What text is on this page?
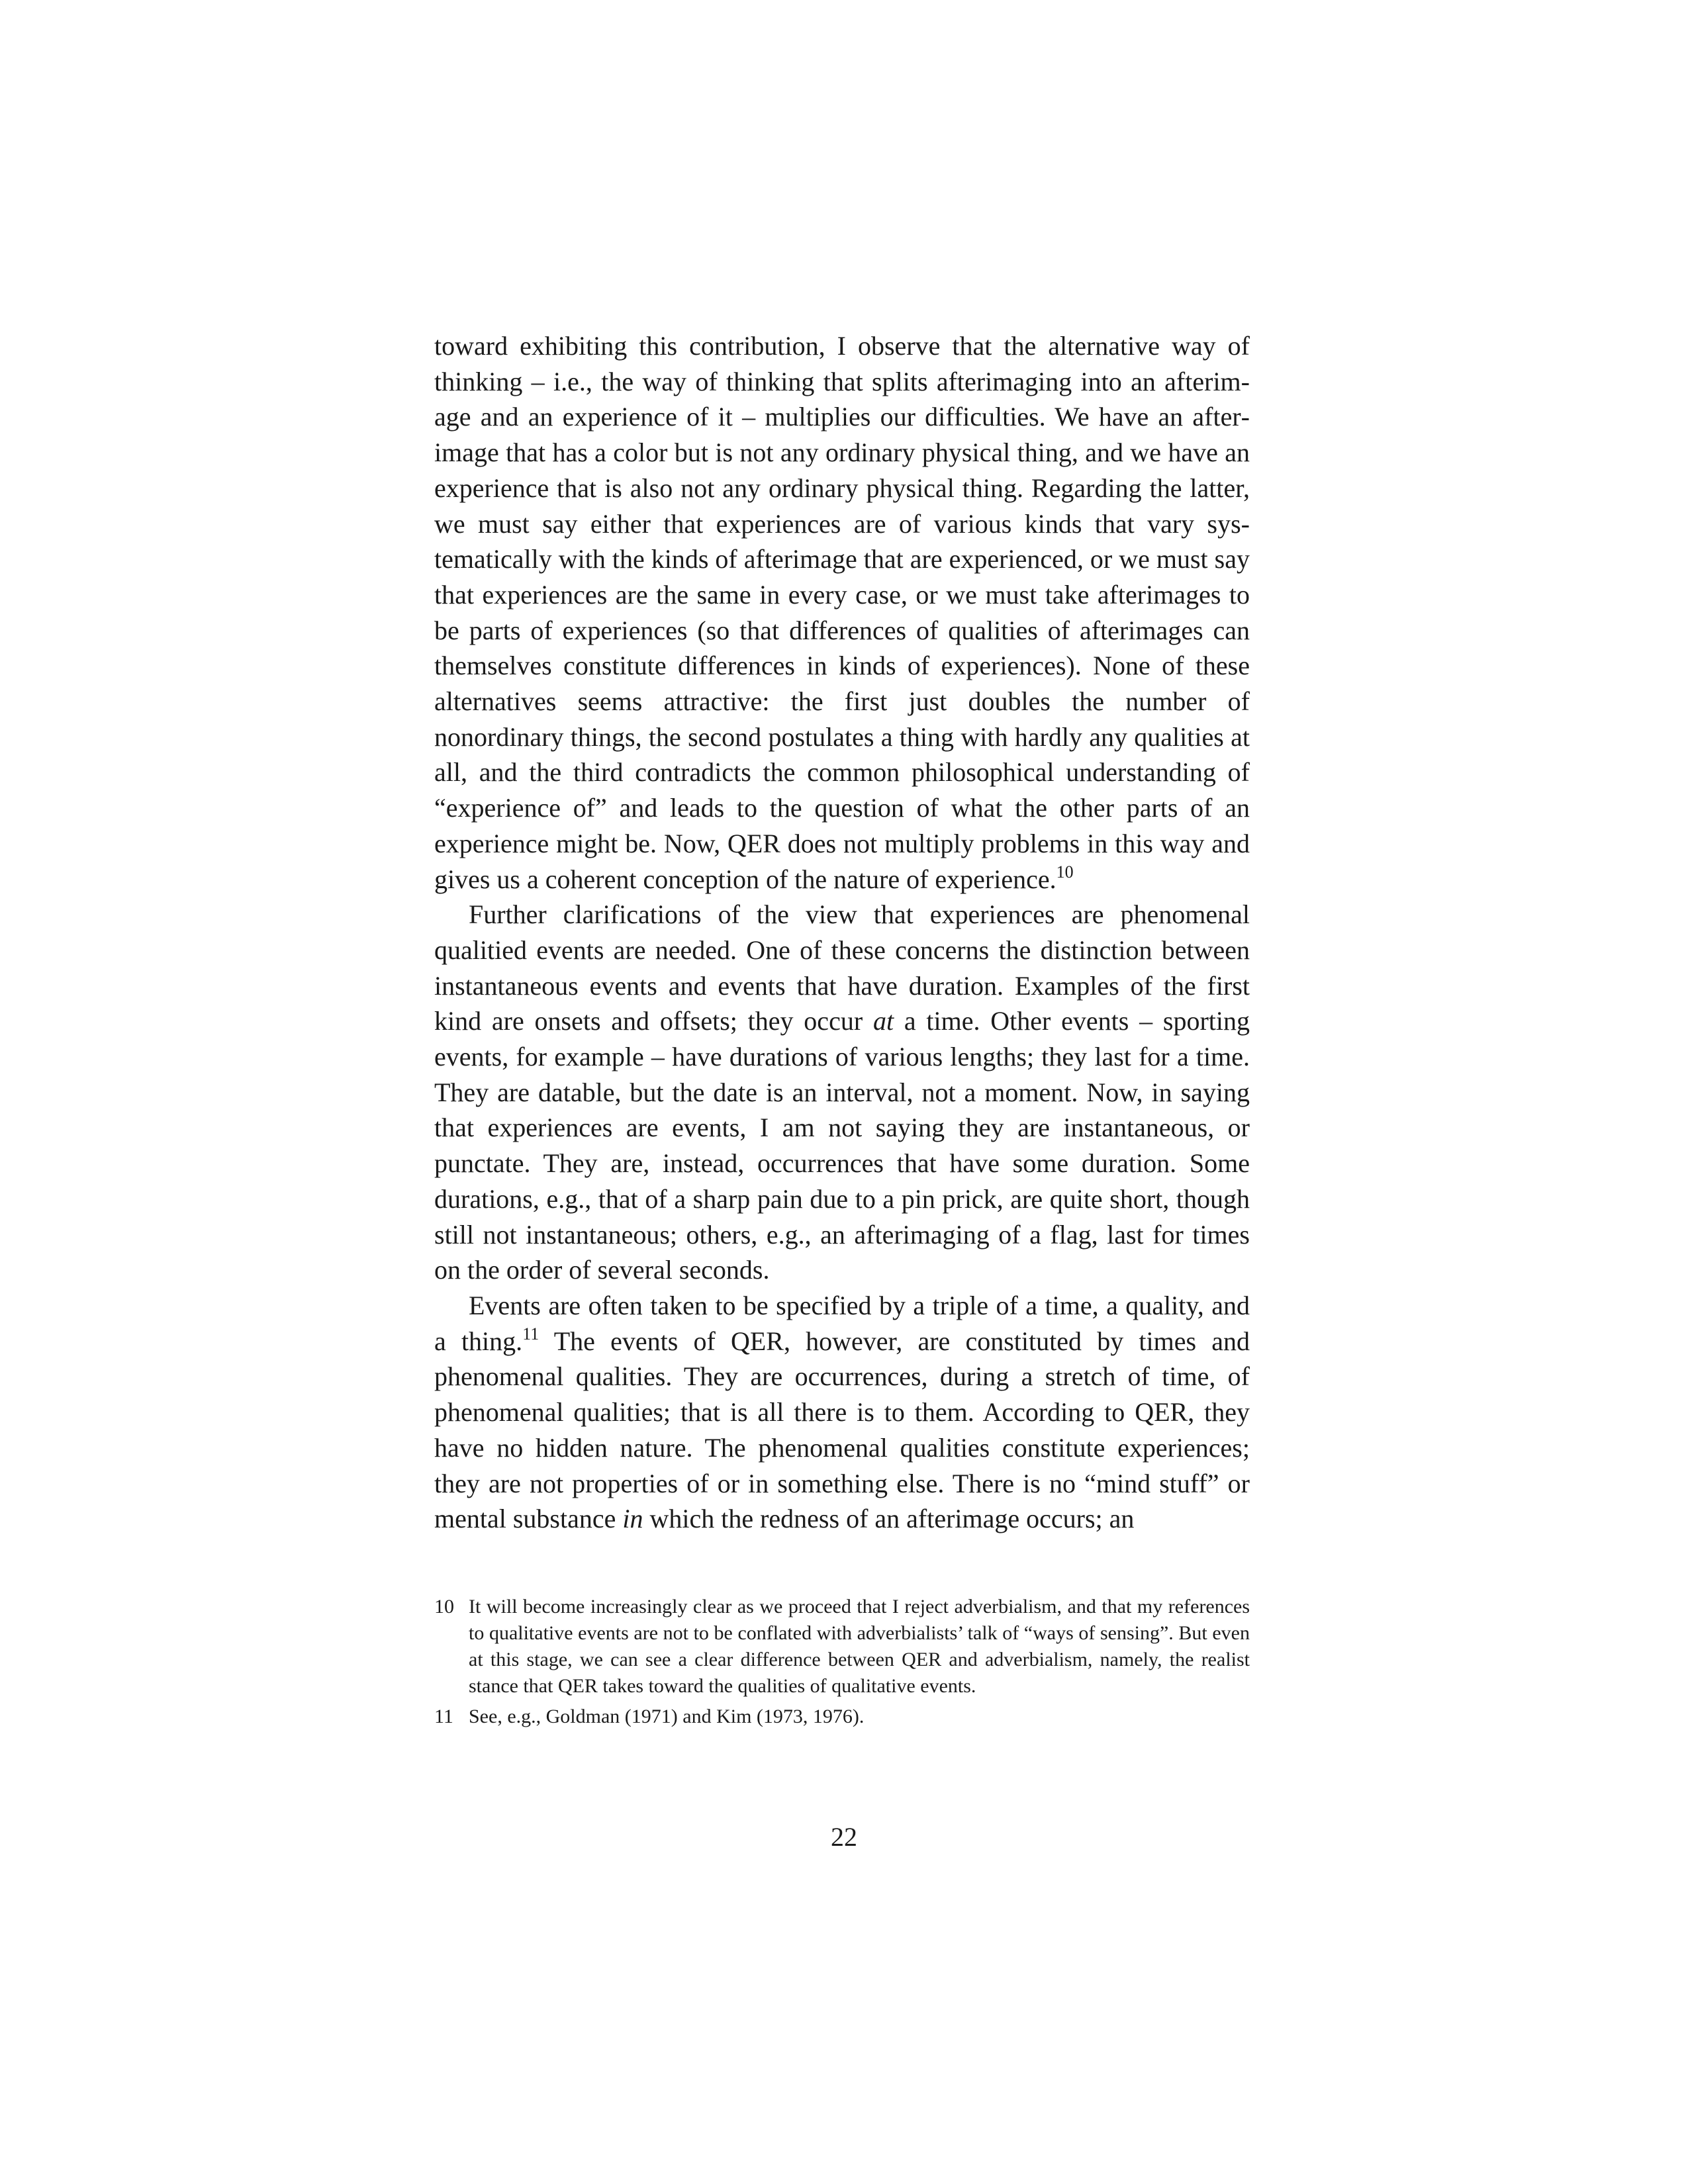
toward exhibiting this contribution, I observe that the alternative way of thinking – i.e., the way of thinking that splits afterimaging into an afterimage and an experience of it – multiplies our difficulties. We have an afterimage that has a color but is not any ordinary physical thing, and we have an experience that is also not any ordinary physical thing. Regarding the latter, we must say either that experiences are of various kinds that vary systematically with the kinds of afterimage that are experienced, or we must say that experiences are the same in every case, or we must take afterimages to be parts of experiences (so that differences of qualities of afterimages can themselves constitute differences in kinds of experiences). None of these alternatives seems attractive: the first just doubles the number of nonordinary things, the second postulates a thing with hardly any qualities at all, and the third contradicts the common philosophical understanding of “experience of” and leads to the question of what the other parts of an experience might be. Now, QER does not multiply problems in this way and gives us a coherent conception of the nature of experience.$^{10}$

Further clarifications of the view that experiences are phenomenal qualitied events are needed. One of these concerns the distinction between instantaneous events and events that have duration. Examples of the first kind are onsets and offsets; they occur at a time. Other events – sporting events, for example – have durations of various lengths; they last for a time. They are datable, but the date is an interval, not a moment. Now, in saying that experiences are events, I am not saying they are instantaneous, or punctate. They are, instead, occurrences that have some duration. Some durations, e.g., that of a sharp pain due to a pin prick, are quite short, though still not instantaneous; others, e.g., an afterimaging of a flag, last for times on the order of several seconds.

Events are often taken to be specified by a triple of a time, a quality, and a thing.$^{11}$ The events of QER, however, are constituted by times and phenomenal qualities. They are occurrences, during a stretch of time, of phenomenal qualities; that is all there is to them. According to QER, they have no hidden nature. The phenomenal qualities constitute experiences; they are not properties of or in something else. There is no “mind stuff” or mental substance in which the redness of an afterimage occurs; an

10 It will become increasingly clear as we proceed that I reject adverbialism, and that my references to qualitative events are not to be conflated with adverbialists’ talk of “ways of sensing”. But even at this stage, we can see a clear difference between QER and adverbialism, namely, the realist stance that QER takes toward the qualities of qualitative events.
11 See, e.g., Goldman (1971) and Kim (1973, 1976).
22
